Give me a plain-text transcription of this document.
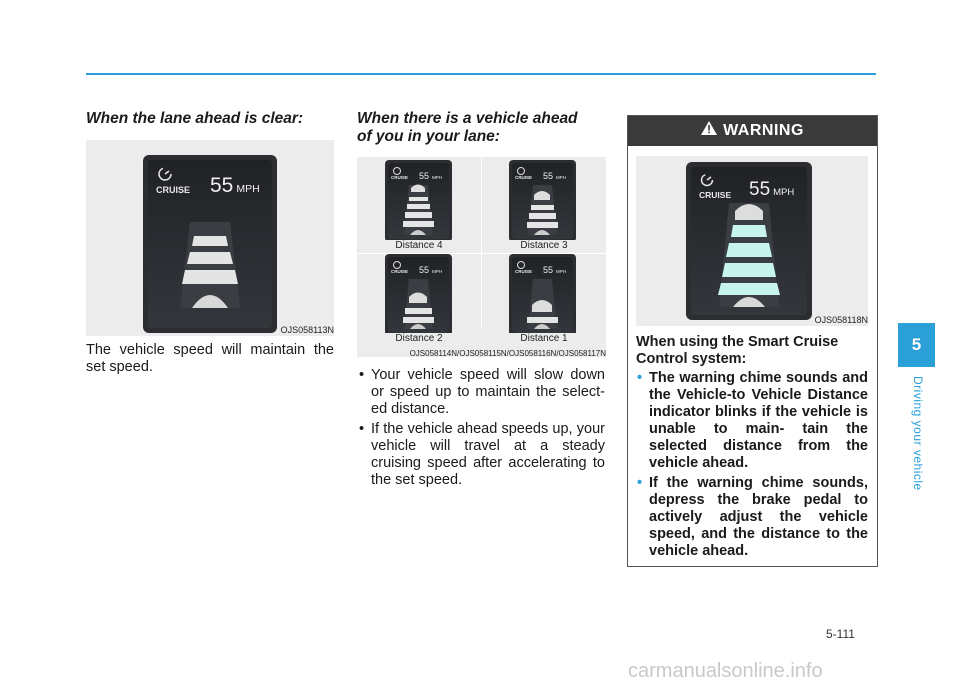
When the lane ahead is clear:
CRUISE 55 MPH
OJS058113N
The vehicle speed will maintain the set speed.
When there is a vehicle ahead
of you in your lane:
CRUISE 55 MPH
Distance 4
CRUISE 55 MPH
Distance 3
CRUISE 55 MPH
Distance 2
CRUISE 55 MPH
Distance 1
OJS058114N/OJS058115N/OJS058116N/OJS058117N
• Your vehicle speed will slow down or speed up to maintain the select- ed distance.
• If the vehicle ahead speeds up, your vehicle will travel at a steady cruising speed after accelerating to the set speed.
WARNING
CRUISE 55 MPH
OJS058118N
When using the Smart Cruise Control system:
• The warning chime sounds and the Vehicle-to Vehicle Distance indicator blinks if the vehicle is unable to main- tain the selected distance from the vehicle ahead.
• If the warning chime sounds, depress the brake pedal to actively adjust the vehicle speed, and the distance to the vehicle ahead.
5
Driving your vehicle
5-111
carmanualsonline.info
